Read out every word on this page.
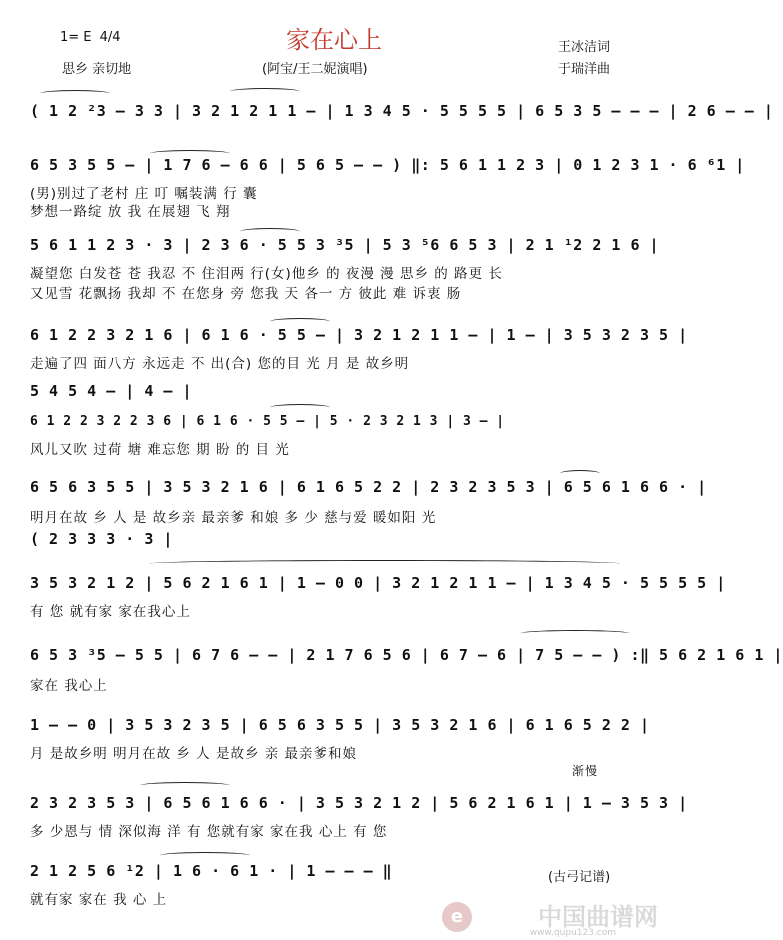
家在心上
1= E 4/4
思乡 亲切地	(阿宝/王二妮演唱)
王冰洁词
于瑞洋曲
( 1 2 ²3 – 3 3 | 3 2 1 2 1 1 – | 1 3 4 5 · 5 5 5 5 | 6 5 3 5 – – – | 2 6 – – |
6 5 3 5 5 – | 1 7 6 – 6 6 | 5 6 5 – – ) ‖: 5 6 1 1 2 3 | 0 1 2 3 1 · 6 ⁶1 |
(男)别过了老村 庄 叮 嘱装满 行 囊
梦想一路绽 放 我 在展翅 飞 翔
5 6 1 1 2 3 · 3 | 2 3 6 · 5 5 3 ³5 | 5 3 ⁵6 6 5 3 | 2 1 ¹2 2 1 6 |
凝望您 白发苍 苍 我忍 不 住泪两 行(女)他乡 的 夜漫 漫 思乡 的 路更 长
又见雪 花飘扬 我却 不 在您身 旁 您我 天 各一 方 彼此 难 诉衷 肠
6 1 2 2 3 2 1 6 | 6 1 6 · 5 5 – | 3 2 1 2 1 1 – | 1 – | 3 5 3 2 3 5 |
走遍了四 面八方 永远走 不 出(合) 您的目 光 月 是 故乡明
5 4 5 4 – | 4 – |
6 1 2 2 3 2 2 3 6 | 6 1 6 · 5 5 – | 5 · 2 3 2 1 3 | 3 – |
风儿又吹 过荷 塘 难忘您 期 盼 的 目 光
6 5 6 3 5 5 | 3 5 3 2 1 6 | 6 1 6 5 2 2 | 2 3 2 3 5 3 | 6 5 6 1 6 6 · |
明月在故 乡 人 是 故乡亲 最亲爹 和娘 多 少 慈与爱 暖如阳 光
( 2 3 3 3 · 3 |
3 5 3 2 1 2 | 5 6 2 1 6 1 | 1 – 0 0 | 3 2 1 2 1 1 – | 1 3 4 5 · 5 5 5 5 |
有 您 就有家 家在我心上
6 5 3 ³5 – 5 5 | 6 7 6 – – | 2 1 7 6 5 6 | 6 7 – 6 | 7 5 – – ) :‖ 5 6 2 1 6 1 |
家在 我心上
1 – – 0 | 3 5 3 2 3 5 | 6 5 6 3 5 5 | 3 5 3 2 1 6 | 6 1 6 5 2 2 |
月 是故乡明 明月在故 乡 人 是故乡 亲 最亲爹和娘
渐慢
2 3 2 3 5 3 | 6 5 6 1 6 6 · | 3 5 3 2 1 2 | 5 6 2 1 6 1 | 1 – 3 5 3 |
多 少恩与 情 深似海 洋 有 您就有家 家在我 心上 有 您
2 1 2 5 6 ¹2 | 1 6 · 6 1 · | 1 – – – ‖
就有家 家在 我 心 上
(古弓记谱)
e	中国曲谱网
www.qupu123.com
